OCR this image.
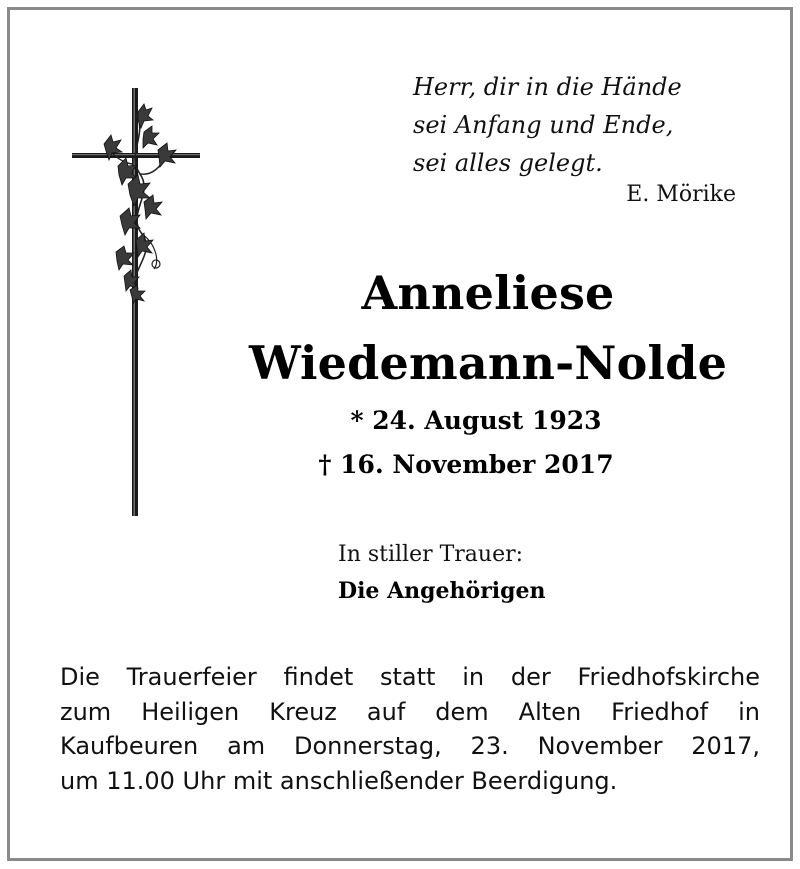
Herr, dir in die Hände
sei Anfang und Ende,
sei alles gelegt.
E. Mörike
Anneliese
Wiedemann-Nolde
* 24. August 1923
† 16. November 2017
In stiller Trauer:
Die Angehörigen
Die Trauerfeier findet statt in der Friedhofskirche
zum Heiligen Kreuz auf dem Alten Friedhof in
Kaufbeuren am Donnerstag, 23. November 2017,
um 11.00 Uhr mit anschließender Beerdigung.
